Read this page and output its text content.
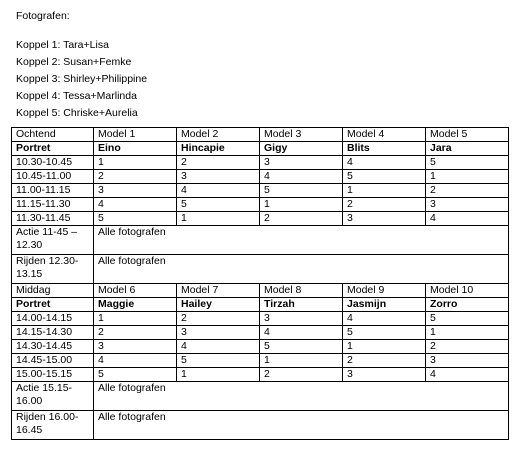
Fotografen:
Koppel 1: Tara+Lisa
Koppel 2: Susan+Femke
Koppel 3: Shirley+Philippine
Koppel 4: Tessa+Marlinda
Koppel 5: Chriske+Aurelia
Ochtend	Model 1	Model 2	Model 3	Model 4	Model 5
Portret	Eino	Hincapie	Gigy	Blits	Jara
10.30-10.45	1	2	3	4	5
10.45-11.00	2	3	4	5	1
11.00-11.15	3	4	5	1	2
11.15-11.30	4	5	1	2	3
11.30-11.45	5	1	2	3	4
Actie 11-45 – 12.30	Alle fotografen				
Rijden 12.30-13.15	Alle fotografen				
Middag	Model 6	Model 7	Model 8	Model 9	Model 10
Portret	Maggie	Hailey	Tirzah	Jasmijn	Zorro
14.00-14.15	1	2	3	4	5
14.15-14.30	2	3	4	5	1
14.30-14.45	3	4	5	1	2
14.45-15.00	4	5	1	2	3
15.00-15.15	5	1	2	3	4
Actie 15.15-16.00	Alle fotografen				
Rijden 16.00-16.45	Alle fotografen				
